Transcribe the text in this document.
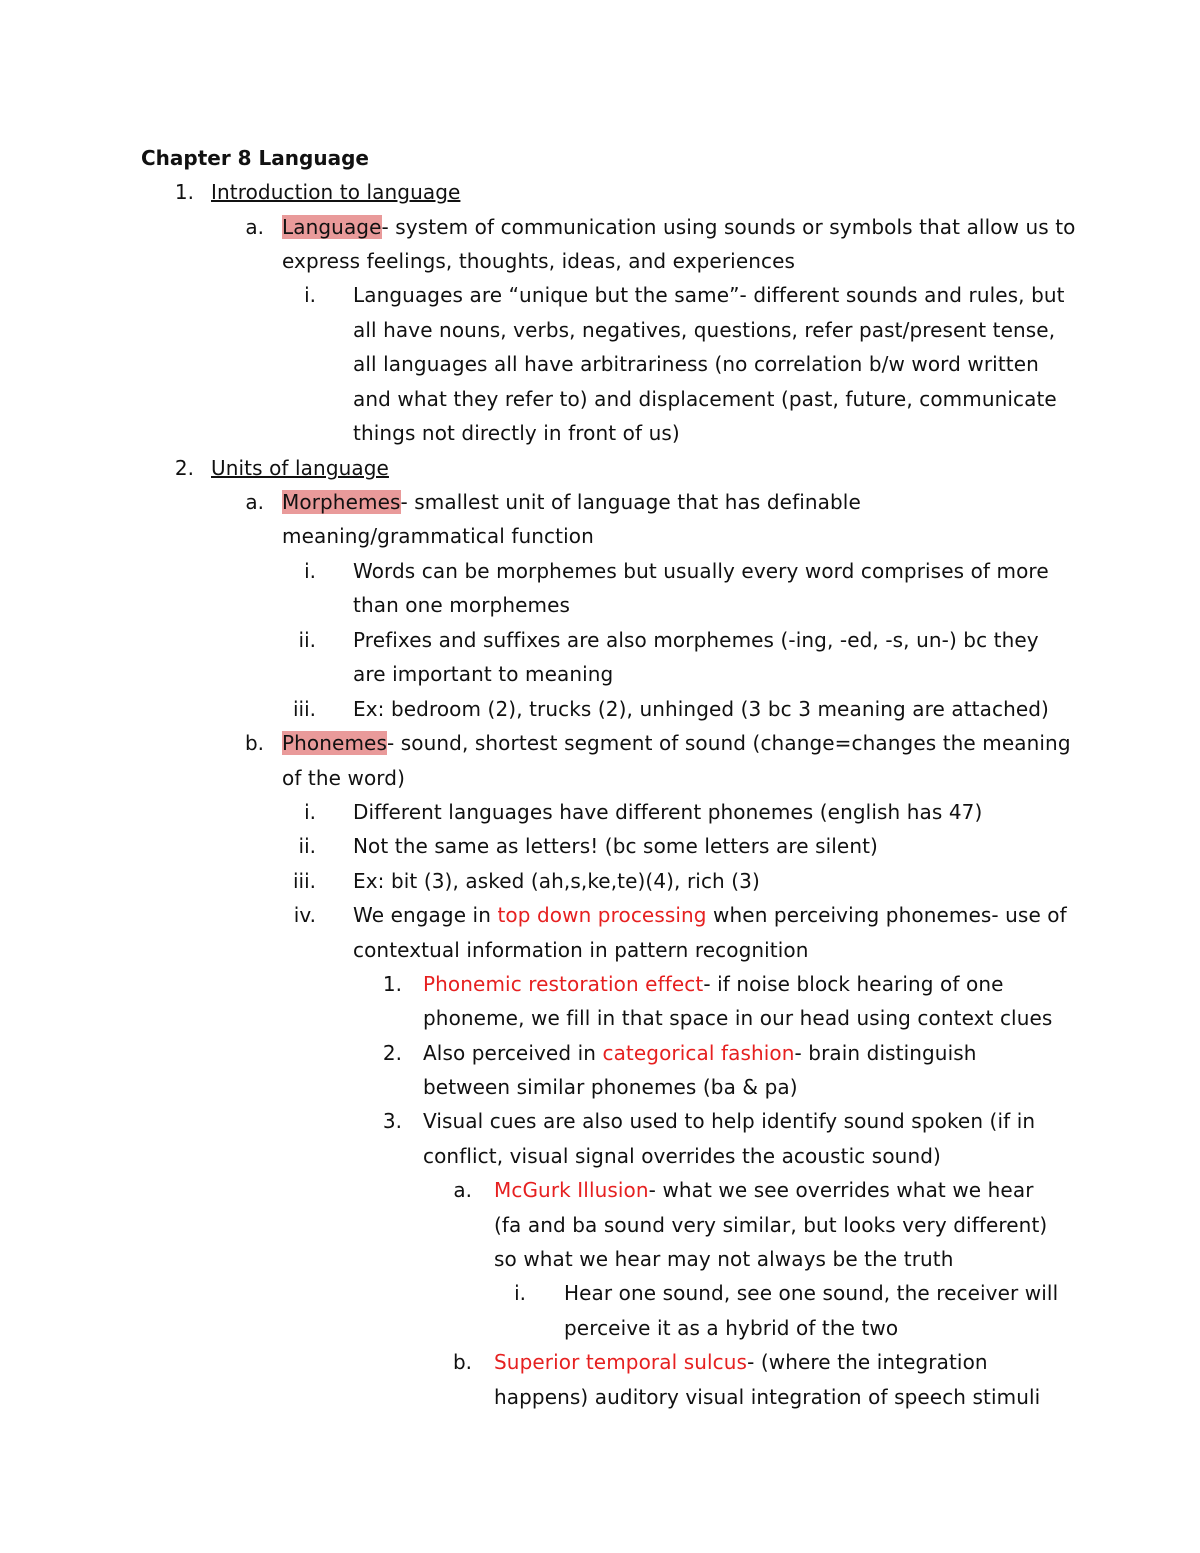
Chapter 8 Language
1. Introduction to language
a. Language- system of communication using sounds or symbols that allow us to
express feelings, thoughts, ideas, and experiences
i. Languages are “unique but the same”- different sounds and rules, but
all have nouns, verbs, negatives, questions, refer past/present tense,
all languages all have arbitrariness (no correlation b/w word written
and what they refer to) and displacement (past, future, communicate
things not directly in front of us)
2. Units of language
a. Morphemes- smallest unit of language that has definable
meaning/grammatical function
i. Words can be morphemes but usually every word comprises of more
than one morphemes
ii. Prefixes and suffixes are also morphemes (-ing, -ed, -s, un-) bc they
are important to meaning
iii. Ex: bedroom (2), trucks (2), unhinged (3 bc 3 meaning are attached)
b. Phonemes- sound, shortest segment of sound (change=changes the meaning
of the word)
i. Different languages have different phonemes (english has 47)
ii. Not the same as letters! (bc some letters are silent)
iii. Ex: bit (3), asked (ah,s,ke,te)(4), rich (3)
iv. We engage in top down processing when perceiving phonemes- use of
contextual information in pattern recognition
1. Phonemic restoration effect- if noise block hearing of one
phoneme, we fill in that space in our head using context clues
2. Also perceived in categorical fashion- brain distinguish
between similar phonemes (ba & pa)
3. Visual cues are also used to help identify sound spoken (if in
conflict, visual signal overrides the acoustic sound)
a. McGurk Illusion- what we see overrides what we hear
(fa and ba sound very similar, but looks very different)
so what we hear may not always be the truth
i. Hear one sound, see one sound, the receiver will
perceive it as a hybrid of the two
b. Superior temporal sulcus- (where the integration
happens) auditory visual integration of speech stimuli
